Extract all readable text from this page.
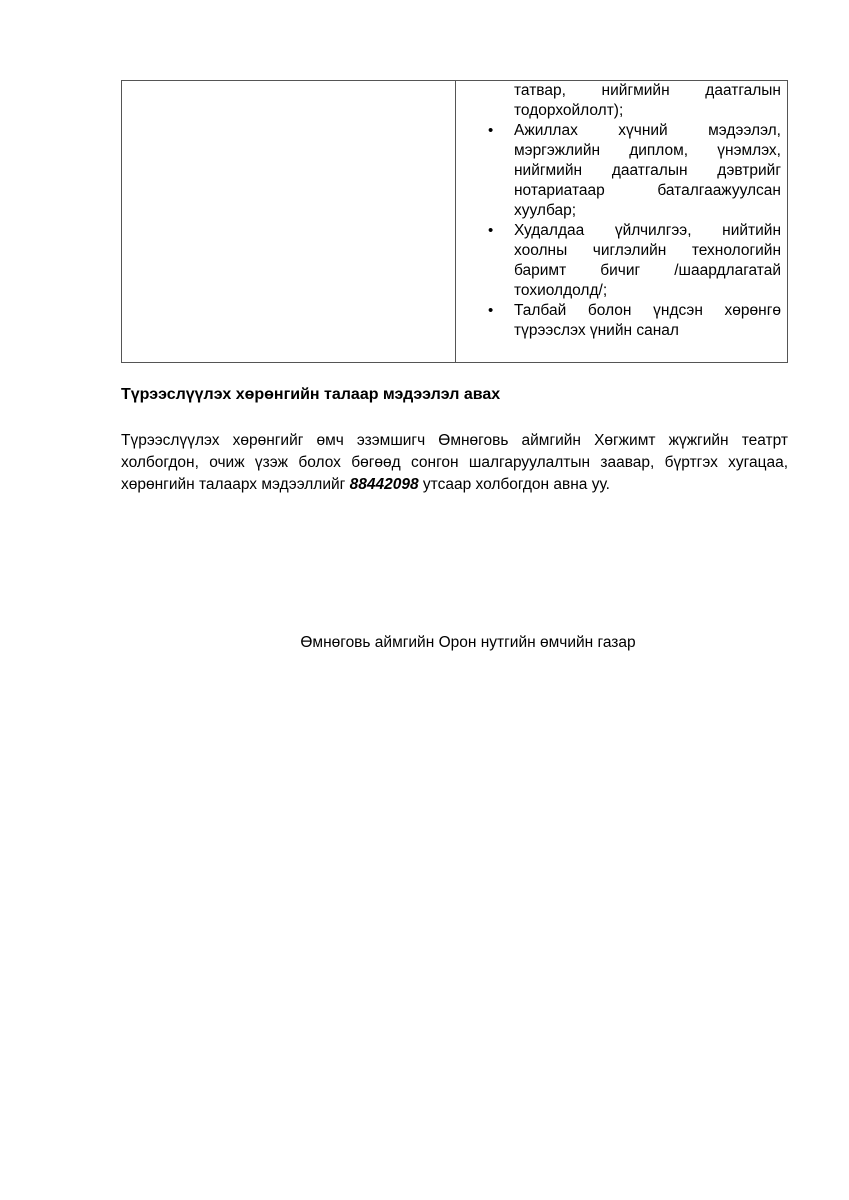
татвар, нийгмийн даатгалын тодорхойлолт);
• Ажиллах хүчний мэдээлэл, мэргэжлийн диплом, үнэмлэх, нийгмийн даатгалын дэвтрийг нотариатаар баталгаажуулсан хуулбар;
• Худалдаа үйлчилгээ, нийтийн хоолны чиглэлийн технологийн баримт бичиг /шаардлагатай тохиолдолд/;
• Талбай болон үндсэн хөрөнгө түрээслэх үнийн санал
Түрээслүүлэх хөрөнгийн талаар мэдээлэл авах

Түрээслүүлэх хөрөнгийг өмч эзэмшигч Өмнөговь аймгийн Хөгжимт жүжгийн театрт холбогдон, очиж үзэж болох бөгөөд сонгон шалгаруулалтын заавар, бүртгэх хугацаа, хөрөнгийн талаарх мэдээллийг 88442098 утсаар холбогдон авна уу.

Өмнөговь аймгийн Орон нутгийн өмчийн газар
